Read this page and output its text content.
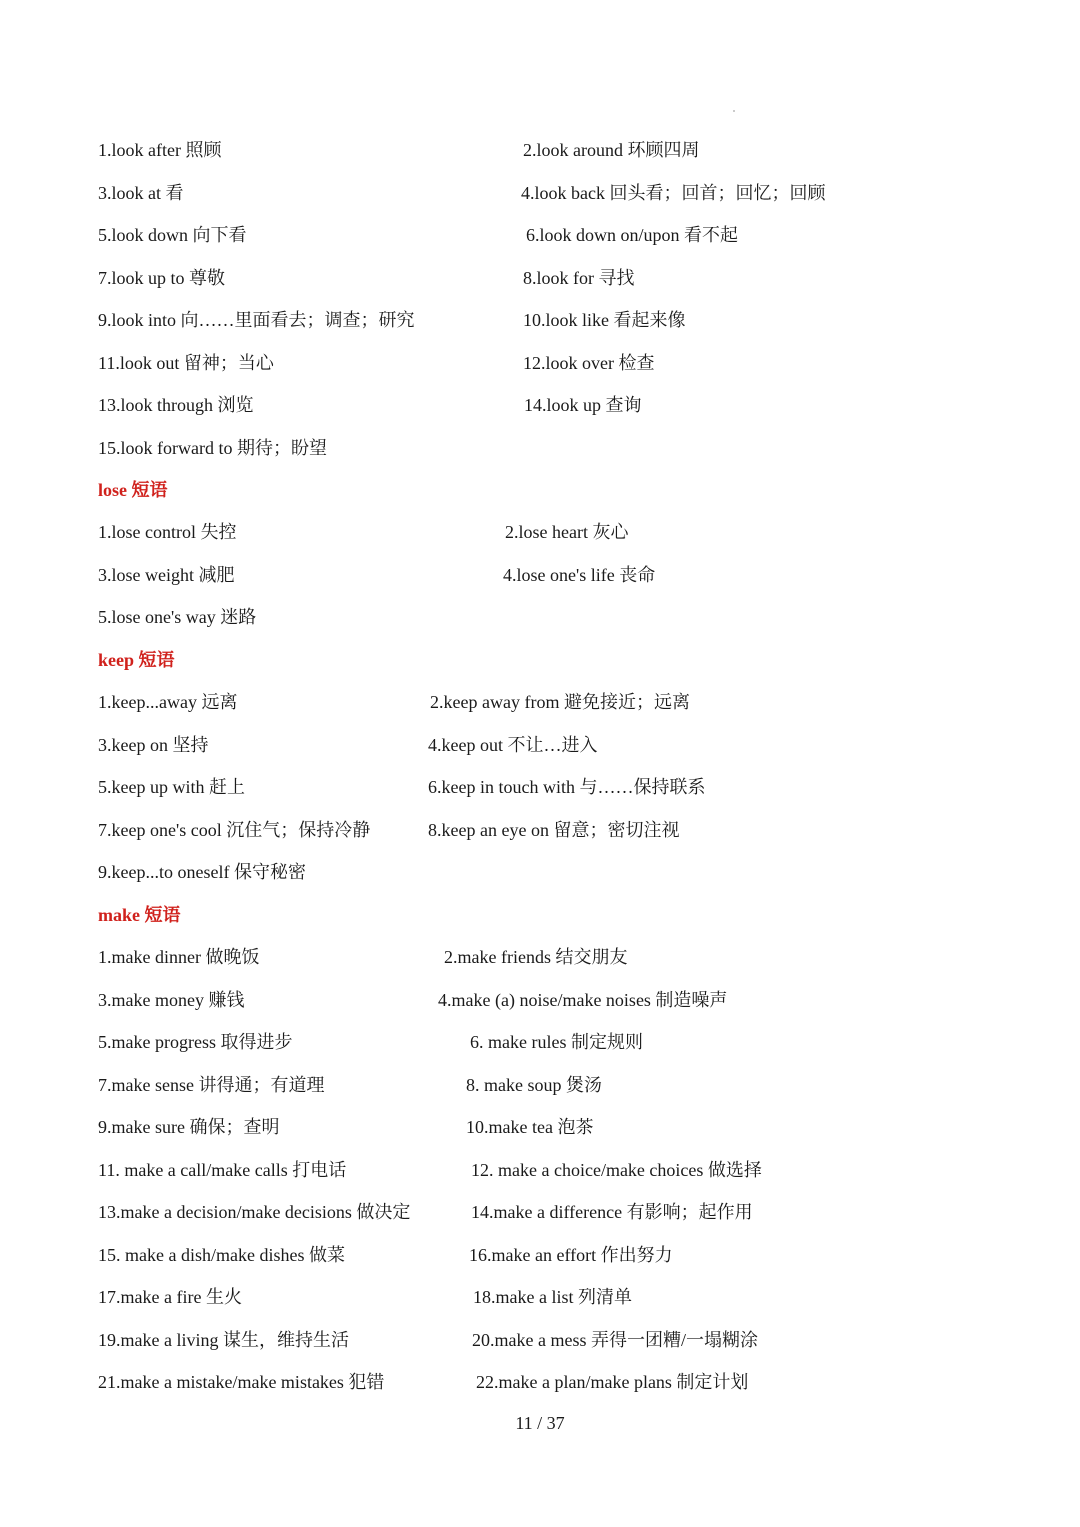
1.look after 照顾	2.look around 环顾四周
3.look at 看	4.look back 回头看；回首；回忆；回顾
5.look down 向下看	6.look down on/upon 看不起
7.look up to 尊敬	8.look for 寻找
9.look into 向……里面看去；调查；研究	10.look like 看起来像
11.look out 留神；当心	12.look over 检查
13.look through 浏览	14.look up 查询
15.look forward to 期待；盼望
lose 短语
1.lose control 失控	2.lose heart 灰心
3.lose weight 减肥	4.lose one's life 丧命
5.lose one's way 迷路
keep 短语
1.keep...away 远离	2.keep away from 避免接近；远离
3.keep on 坚持	4.keep out 不让…进入
5.keep up with 赶上	6.keep in touch with 与……保持联系
7.keep one's cool 沉住气；保持冷静	8.keep an eye on 留意；密切注视
9.keep...to oneself 保守秘密
make 短语
1.make dinner 做晚饭	2.make friends 结交朋友
3.make money 赚钱	4.make (a) noise/make noises 制造噪声
5.make progress 取得进步	6. make rules 制定规则
7.make sense 讲得通；有道理	8. make soup 煲汤
9.make sure 确保；查明	10.make tea 泡茶
11. make a call/make calls 打电话	12. make a choice/make choices 做选择
13.make a decision/make decisions 做决定	14.make a difference 有影响；起作用
15. make a dish/make dishes 做菜	16.make an effort 作出努力
17.make a fire 生火	18.make a list 列清单
19.make a living 谋生，维持生活	20.make a mess 弄得一团糟/一塌糊涂
21.make a mistake/make mistakes 犯错	22.make a plan/make plans 制定计划
11 / 37
